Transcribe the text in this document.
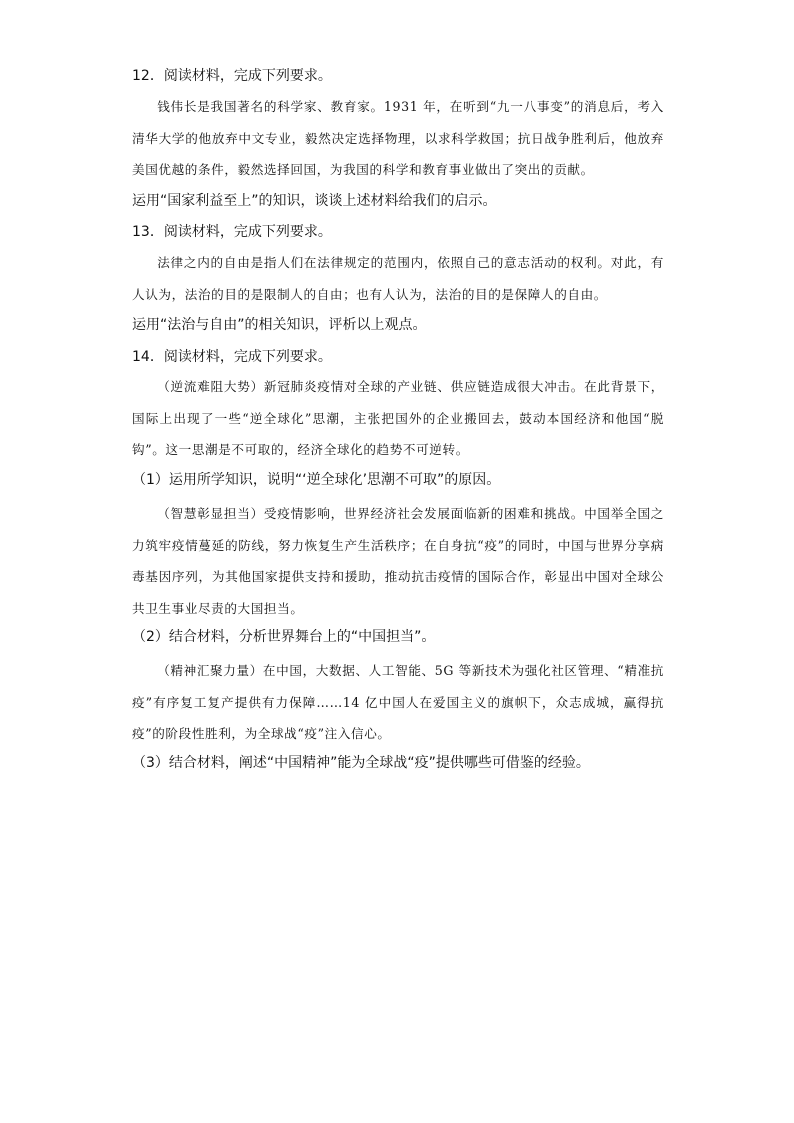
12．阅读材料，完成下列要求。
钱伟长是我国著名的科学家、教育家。1931 年，在听到“九一八事变”的消息后，考入清华大学的他放弃中文专业，毅然决定选择物理，以求科学救国；抗日战争胜利后，他放弃美国优越的条件，毅然选择回国，为我国的科学和教育事业做出了突出的贡献。
运用“国家利益至上”的知识，谈谈上述材料给我们的启示。
13．阅读材料，完成下列要求。
法律之内的自由是指人们在法律规定的范围内，依照自己的意志活动的权利。对此，有人认为，法治的目的是限制人的自由；也有人认为，法治的目的是保障人的自由。
运用“法治与自由”的相关知识，评析以上观点。
14．阅读材料，完成下列要求。
（逆流难阻大势）新冠肺炎疫情对全球的产业链、供应链造成很大冲击。在此背景下，国际上出现了一些“逆全球化”思潮，主张把国外的企业搬回去，鼓动本国经济和他国“脱钩”。这一思潮是不可取的，经济全球化的趋势不可逆转。
（1）运用所学知识，说明“‘逆全球化’思潮不可取”的原因。
（智慧彰显担当）受疫情影响，世界经济社会发展面临新的困难和挑战。中国举全国之力筑牢疫情蔓延的防线，努力恢复生产生活秩序；在自身抗“疫”的同时，中国与世界分享病毒基因序列，为其他国家提供支持和援助，推动抗击疫情的国际合作，彰显出中国对全球公共卫生事业尽责的大国担当。
（2）结合材料，分析世界舞台上的“中国担当”。
（精神汇聚力量）在中国，大数据、人工智能、5G 等新技术为强化社区管理、“精准抗疫”有序复工复产提供有力保障……14 亿中国人在爱国主义的旗帜下，众志成城，赢得抗疫”的阶段性胜利，为全球战“疫”注入信心。
（3）结合材料，阐述“中国精神”能为全球战“疫”提供哪些可借鉴的经验。
